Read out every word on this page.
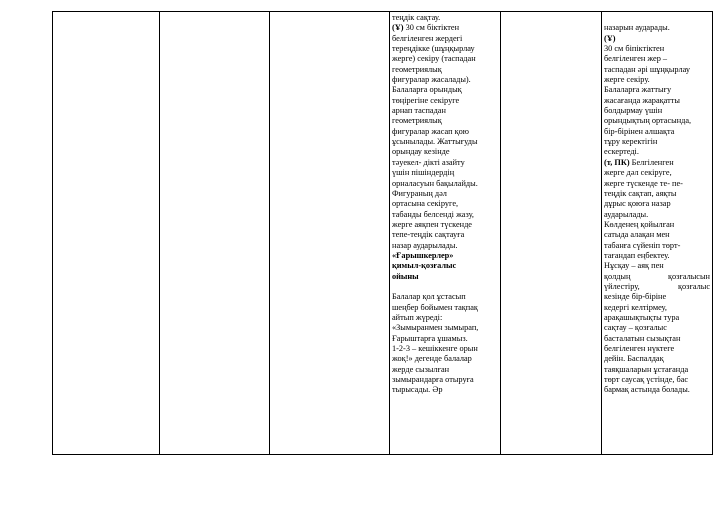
теңдік сақтау.
(Ұ) 30 см біктіктен
белгіленген жердегі
тереңдікке (шұңқырлау
жерге) секіру (таспадан
геометриялық
фигуралар жасалады).
Балаларға орындық
төңірегіне секіруге
арнап таспадан
геометриялық
фигуралар жасап қою
ұсынылады. Жаттығуды
орындау кезінде
тәуекел- дікті азайту
үшін пішіндердің
орналасуын бақылайды.
Фигураның дәл
ортасына секіруге,
табанды белсенді жазу,
жерге аяқпен түскенде
тепе-теңдік сақтауға
назар аударылады.
«Ғарышкерлер»
қимыл-қозғалыс
ойыны
Балалар қол ұстасып
шеңбер бойымен тақпақ
айтып жүреді:
«Зымыранмен зымырап,
Ғарыштарға ұшамыз.
1-2-3 – кешіккенге орын
жоқ!» дегенде балалар
жерде сызылған
зымырандарға отыруға
тырысады. Әр

назарын аударады.
(Ұ)
30 см біпіктіктен
белгіленген жер –
таспадан әрі шұңқырлау
жерге секіру.
Балаларға жаттығу
жасағанда жарақатты
болдырмау үшін
орындықтың ортасында,
бір-бірінен алшақта
тұру керектігін
ескертеді.
(т, ПК) Белгіленген
жерге дәл секіруге,
жерге түскенде те- пе-
теңдік сақтап, аяқты
дұрыс қоюға назар
аударылады.
Көлденең қойылған
сатыда алақан мен
табанға сүйеніп төрт-
тағандап еңбектеу.
Нұсқау – аяқ пен
қолдың қозғалысын
үйлестіру, қозғалыс
кезінде бір-біріне
кедергі келтірмеу,
арақашықтықты тура
сақтау – қозғалыс
басталатын сызықтан
белгіленген нүктеге
дейін. Баспалдақ
таяқшаларын ұстағанда
төрт саусақ үстінде, бас
бармақ астында болады.
